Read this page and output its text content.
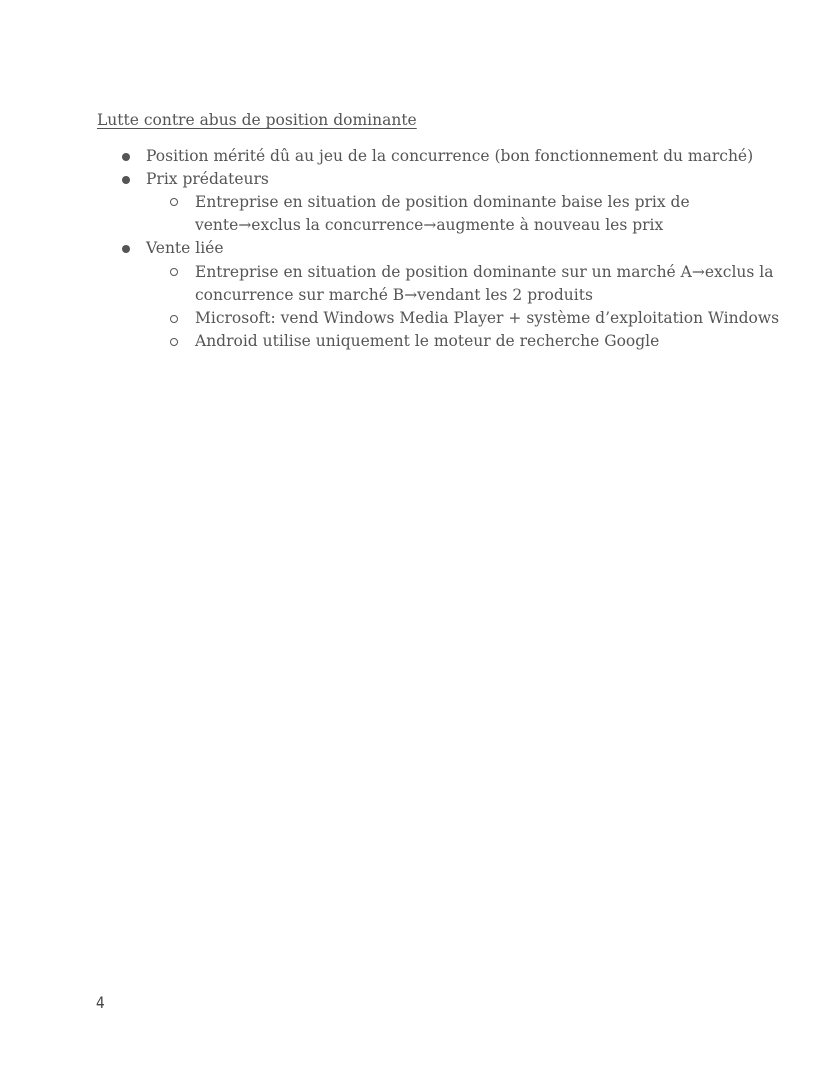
Lutte contre abus de position dominante
Position mérité dû au jeu de la concurrence (bon fonctionnement du marché)
Prix prédateurs
Entreprise en situation de position dominante baise les prix de
vente→exclus la concurrence→augmente à nouveau les prix
Vente liée
Entreprise en situation de position dominante sur un marché A→exclus la
concurrence sur marché B→vendant les 2 produits
Microsoft: vend Windows Media Player + système d’exploitation Windows
Android utilise uniquement le moteur de recherche Google
4
